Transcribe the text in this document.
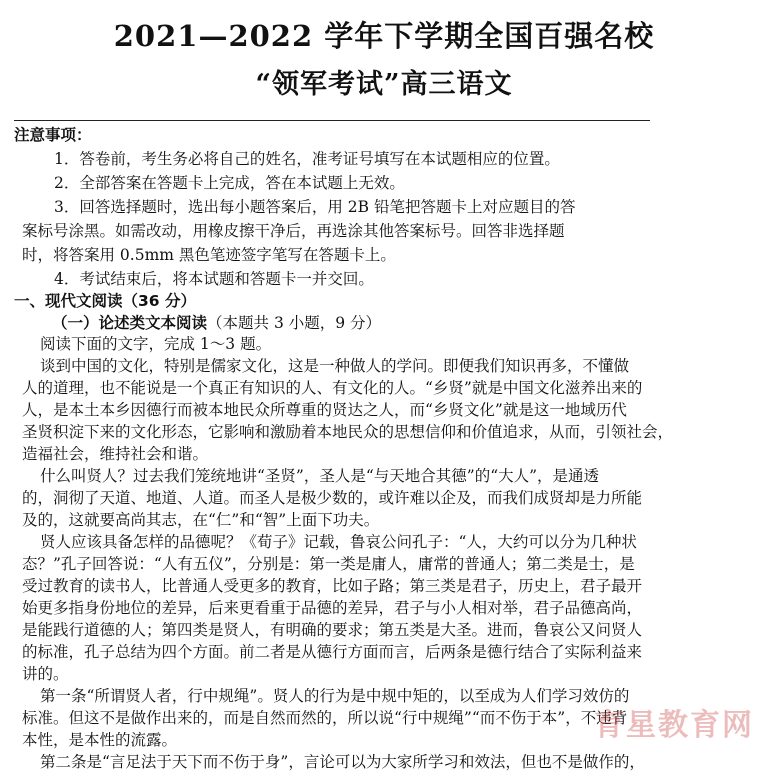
2021—2022 学年下学期全国百强名校
“领军考试”高三语文
注意事项：
1．答卷前，考生务必将自己的姓名，准考证号填写在本试题相应的位置。
2．全部答案在答题卡上完成，答在本试题上无效。
3．回答选择题时，选出每小题答案后，用 2B 铅笔把答题卡上对应题目的答
案标号涂黑。如需改动，用橡皮擦干净后，再选涂其他答案标号。回答非选择题
时，将答案用 0.5mm 黑色笔迹签字笔写在答题卡上。
4．考试结束后，将本试题和答题卡一并交回。
一、现代文阅读（36 分）
（一）论述类文本阅读（本题共 3 小题，9 分）
阅读下面的文字，完成 1～3 题。
谈到中国的文化，特别是儒家文化，这是一种做人的学问。即便我们知识再多，不懂做
人的道理，也不能说是一个真正有知识的人、有文化的人。“乡贤”就是中国文化滋养出来的
人，是本土本乡因德行而被本地民众所尊重的贤达之人，而“乡贤文化”就是这一地域历代
圣贤积淀下来的文化形态，它影响和激励着本地民众的思想信仰和价值追求，从而，引领社会，
造福社会，维持社会和谐。
什么叫贤人？过去我们笼统地讲“圣贤”，圣人是“与天地合其德”的“大人”，是通透
的，洞彻了天道、地道、人道。而圣人是极少数的，或许难以企及，而我们成贤却是力所能
及的，这就要高尚其志，在“仁”和“智”上面下功夫。
贤人应该具备怎样的品德呢？《荀子》记载，鲁哀公问孔子：“人，大约可以分为几种状
态？”孔子回答说：“人有五仪”，分别是：第一类是庸人，庸常的普通人；第二类是士，是
受过教育的读书人，比普通人受更多的教育，比如子路；第三类是君子，历史上，君子最开
始更多指身份地位的差异，后来更看重于品德的差异，君子与小人相对举，君子品德高尚，
是能践行道德的人；第四类是贤人，有明确的要求；第五类是大圣。进而，鲁哀公又问贤人
的标准，孔子总结为四个方面。前二者是从德行方面而言，后两条是德行结合了实际利益来
讲的。
第一条“所谓贤人者，行中规绳”。贤人的行为是中规中矩的，以至成为人们学习效仿的
标准。但这不是做作出来的，而是自然而然的，所以说“行中规绳”“而不伤于本”，不违背
本性，是本性的流露。
第二条是“言足法于天下而不伤于身”，言论可以为大家所学习和效法，但也不是做作的，
育星教育网
